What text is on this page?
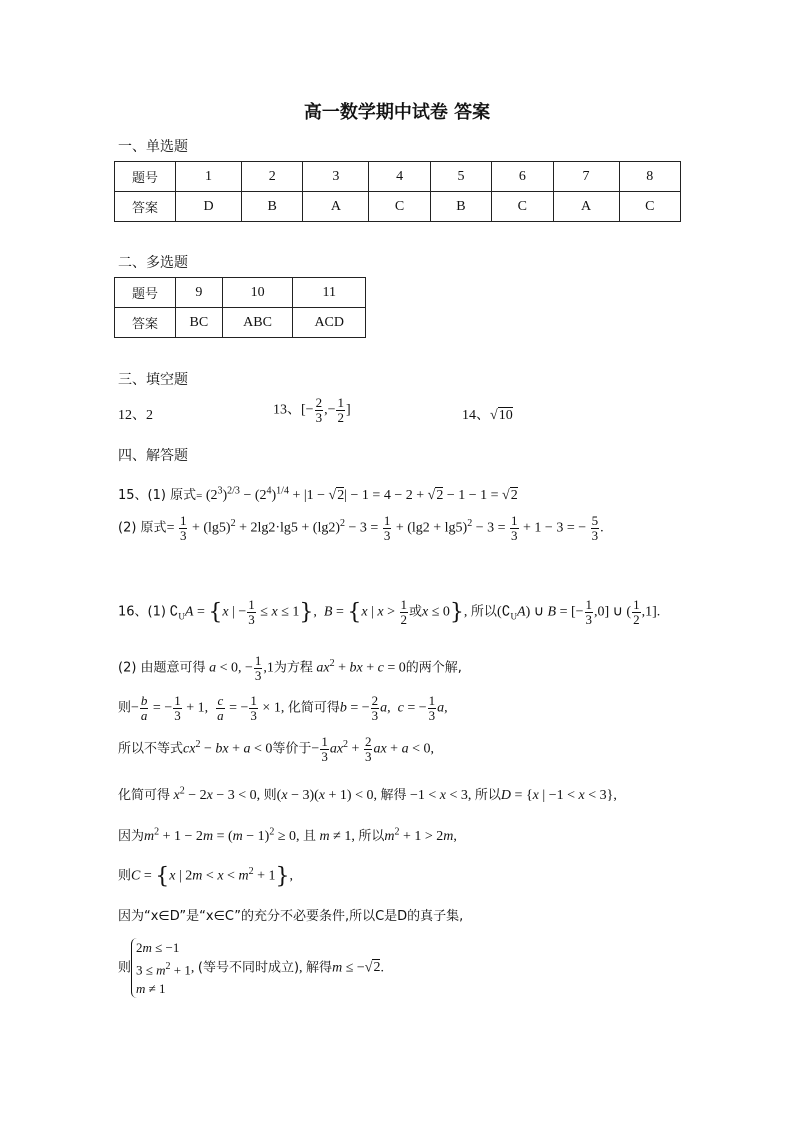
高一数学期中试卷 答案
一、单选题
题号	1	2	3	4	5	6	7	8
答案	D	B	A	C	B	C	A	C
二、多选题
题号	9	10	11
答案	BC	ABC	ACD
三、填空题
12、2	13、[− $\frac{2}{3}$ ,− $\frac{1}{2}$ ]	14、√10
四、解答题
15、(1) 原式= $(2^3)^{2/3} - (2^4)^{1/4} + |1 - √2| - 1 = 4 - 2 + √2 - 1 - 1 = √2$
(2) 原式= $\frac{1}{3} + (\lg 5)^2 + 2\lg 2\cdot\lg 5 + (\lg 2)^2 - 3 = \frac{1}{3} + (\lg 2 + \lg 5)^2 - 3 = \frac{1}{3} + 1 - 3$ = − $\frac{5}{3}$ .
16、(1) $∁_UA = \{x$ | − $\frac{1}{3} \le x \le 1$},  B = {x | $x > \frac{1}{2}$ 或x ≤ 0}, 所以$(∁_UA)$ ∪ B = [− $\frac{1}{3} ,0$] ∪ ( $\frac{1}{2} ,1$].
(2) 由题意可得 a < 0, − $\frac{1}{3} ,1$为方程 $ax^2$ + bx + c = 0的两个解,
则− $\frac{b}{a}$ = − $\frac{1}{3} + 1$, $\frac{c}{a}$ = − $\frac{1}{3} \times 1$, 化简可得b = − $\frac{2}{3} a$,  c = − $\frac{1}{3} a$,
所以不等式$cx^2$ − bx + a < 0等价于− $\frac{1}{3} ax^2 + \frac{2}{3}$ ax + a < 0,
化简可得 $x^2 - 2x - 3 < 0$, 则(x − 3)(x + 1) < 0, 解得 −1 < x < 3, 所以D = {x | −1 < x < 3},
因为$m^2 + 1 - 2m = (m - 1)^2 \ge 0$, 且 m ≠ 1, 所以$m^2 + 1 > 2m$,
则C = {x | $2m < x < m^2 + 1$},
因为“x∈D”是“x∈C”的充分不必要条件,所以C是D的真子集,
则2m ≤ −1
$3 \le m^2 + 1$
m ≠ 1, (等号不同时成立), 解得m ≤ −√2.
